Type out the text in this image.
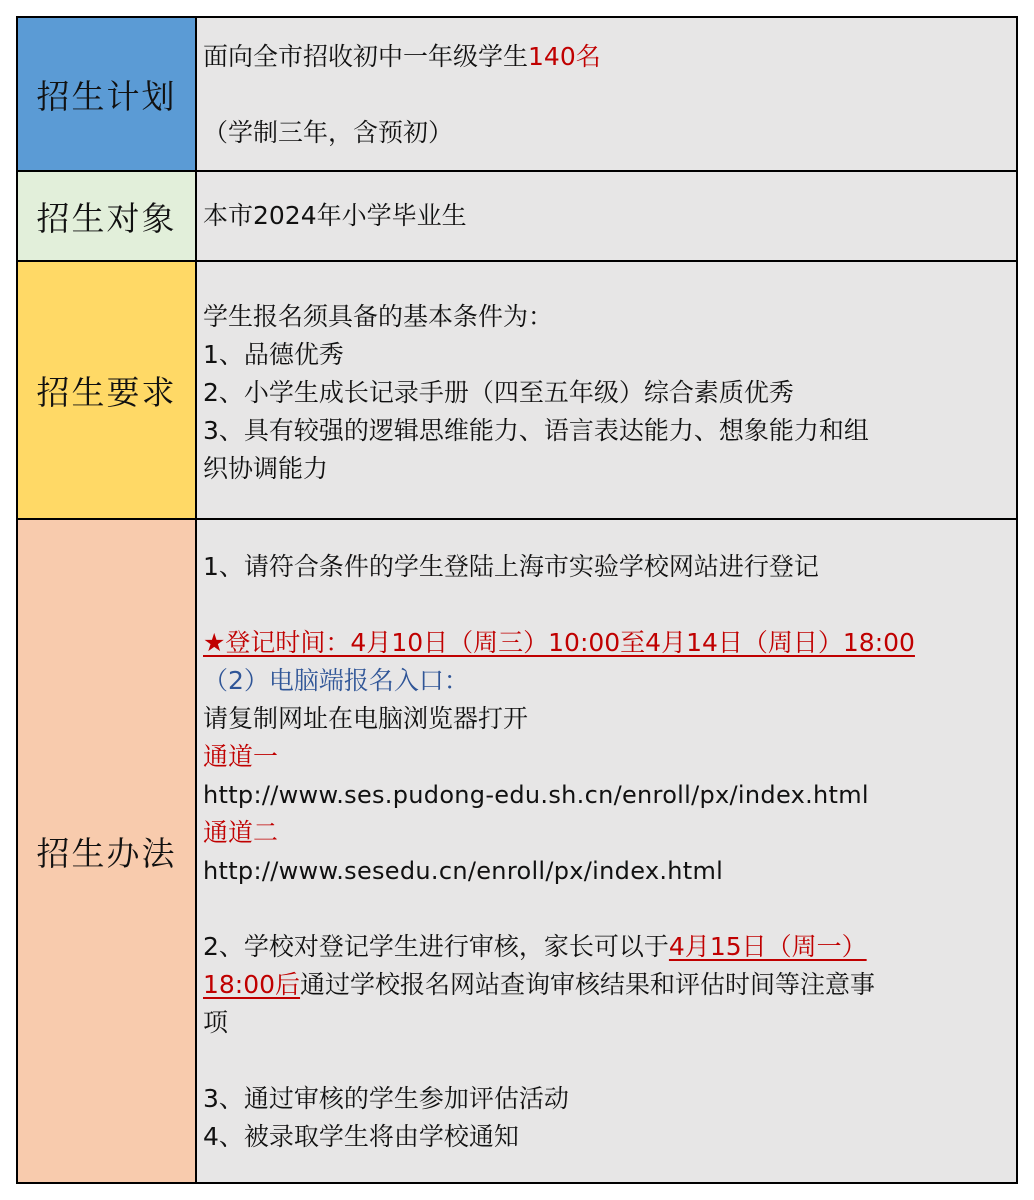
招生计划
面向全市招收初中一年级学生140名
（学制三年，含预初）
招生对象	本市2024年小学毕业生
招生要求
学生报名须具备的基本条件为：
1、品德优秀
2、小学生成长记录手册（四至五年级）综合素质优秀
3、具有较强的逻辑思维能力、语言表达能力、想象能力和组
织协调能力
招生办法
1、请符合条件的学生登陆上海市实验学校网站进行登记
★登记时间：4月10日（周三）10:00至4月14日（周日）18:00
（2）电脑端报名入口：
请复制网址在电脑浏览器打开
通道一
http://www.ses.pudong-edu.sh.cn/enroll/px/index.html
通道二
http://www.sesedu.cn/enroll/px/index.html
2、学校对登记学生进行审核，家长可以于4月15日（周一）
18:00后通过学校报名网站查询审核结果和评估时间等注意事
项
3、通过审核的学生参加评估活动
4、被录取学生将由学校通知
